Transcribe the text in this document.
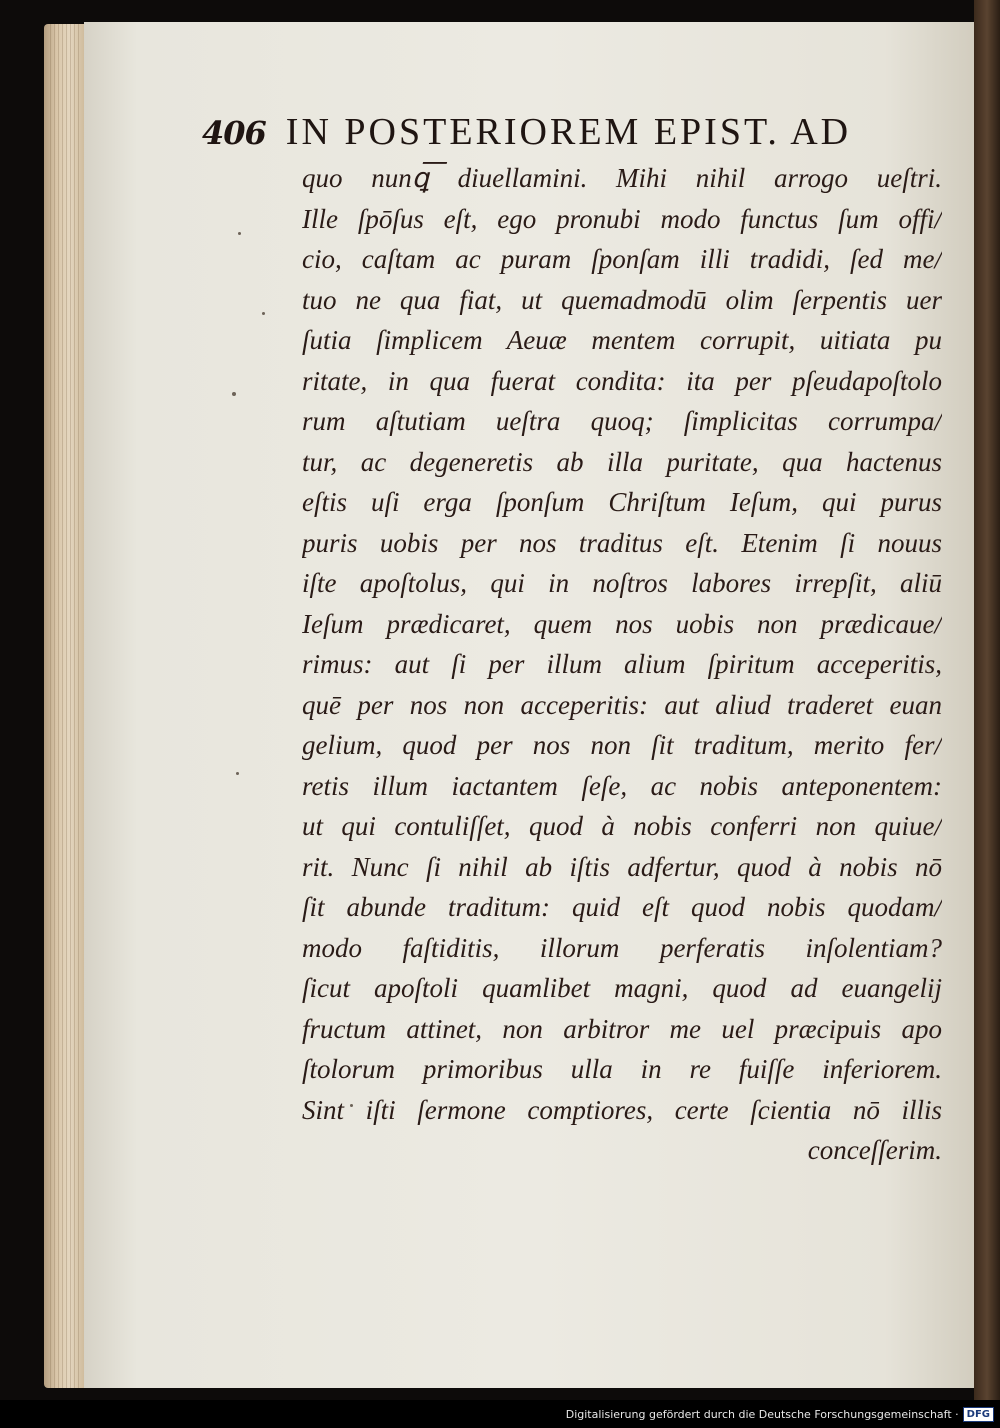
406 IN POSTERIOREM EPIST. AD
quo nunꝗ͞ diuellamini. Mihi nihil arrogo ueſtri.
Ille ſpōſus eſt, ego pronubi modo functus ſum offi/
cio, caſtam ac puram ſponſam illi tradidi, ſed me/
tuo ne qua fiat, ut quemadmodū olim ſerpentis uer
ſutia ſimplicem Aeuæ mentem corrupit, uitiata pu
ritate, in qua fuerat condita: ita per pſeudapoſtolo
rum aſtutiam ueſtra quoq; ſimplicitas corrumpa/
tur, ac degeneretis ab illa puritate, qua hactenus
eſtis uſi erga ſponſum Chriſtum Ieſum, qui purus
puris uobis per nos traditus eſt. Etenim ſi nouus
iſte apoſtolus, qui in noſtros labores irrepſit, aliū
Ieſum prædicaret, quem nos uobis non prædicaue/
rimus: aut ſi per illum alium ſpiritum acceperitis,
quē per nos non acceperitis: aut aliud traderet euan
gelium, quod per nos non ſit traditum, merito fer/
retis illum iactantem ſeſe, ac nobis anteponentem:
ut qui contuliſſet, quod à nobis conferri non quiue/
rit. Nunc ſi nihil ab iſtis adfertur, quod à nobis nō
ſit abunde traditum: quid eſt quod nobis quodam/
modo faſtiditis, illorum perferatis inſolentiam?
ſicut apoſtoli quamlibet magni, quod ad euangelij
fructum attinet, non arbitror me uel præcipuis apo
ſtolorum primoribus ulla in re fuiſſe inferiorem.
Sint iſti ſermone comptiores, certe ſcientia nō illis
conceſſerim.
Digitalisierung gefördert durch die Deutsche Forschungsgemeinschaft · DFG
